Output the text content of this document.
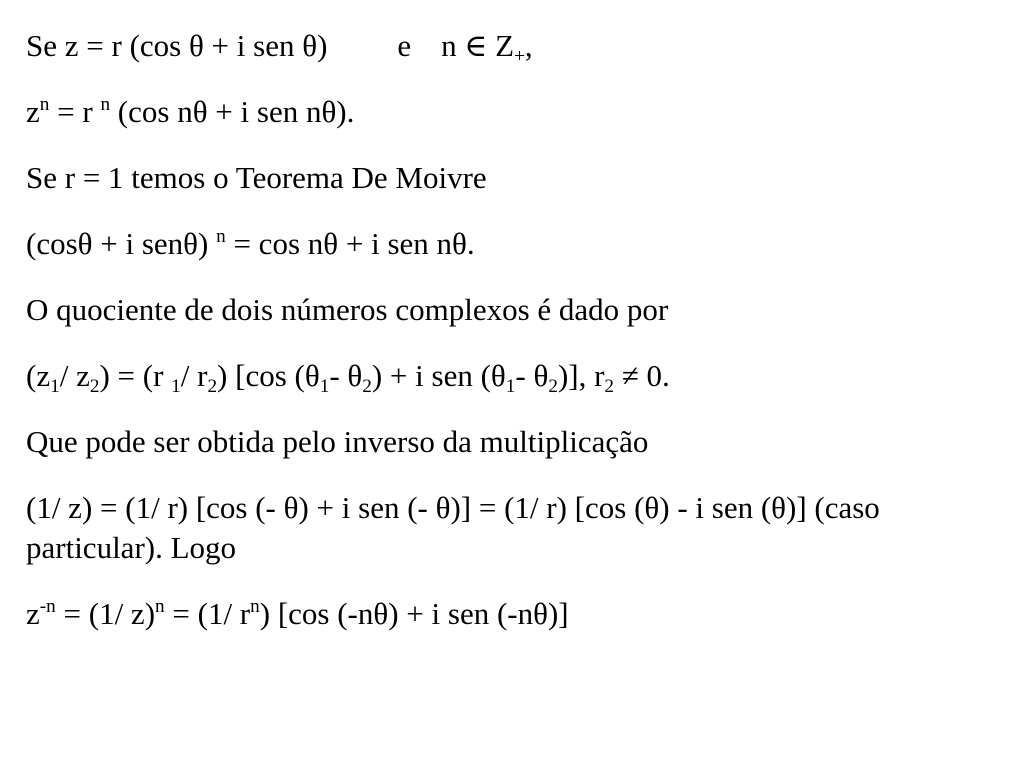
Se z = r (cos θ + i sen θ) e n ∈ $Z_+$,

$z^n = r$ $^n$ (cos nθ + i sen nθ).

Se r = 1 temos o Teorema De Moivre

(cosθ + i senθ) $^n$ = cos nθ + i sen nθ.

O quociente de dois números complexos é dado por

($z_1/$ $z_2) = (r$ $_1$/ $r_2$) [cos ($\theta_1-$ $\theta_2) + i$ sen ($\theta_1-$ $\theta_2$)], $r_2 \ne 0$.

Que pode ser obtida pelo inverso da multiplicação

(1/ z) = (1/ r) [cos (- θ) + i sen (- θ)] = (1/ r) [cos (θ) - i sen (θ)] (caso particular). Logo

$z^{-n} = (1/$ z)$^n$ = (1/ $r^n$) [cos (-nθ) + i sen (-nθ)]
